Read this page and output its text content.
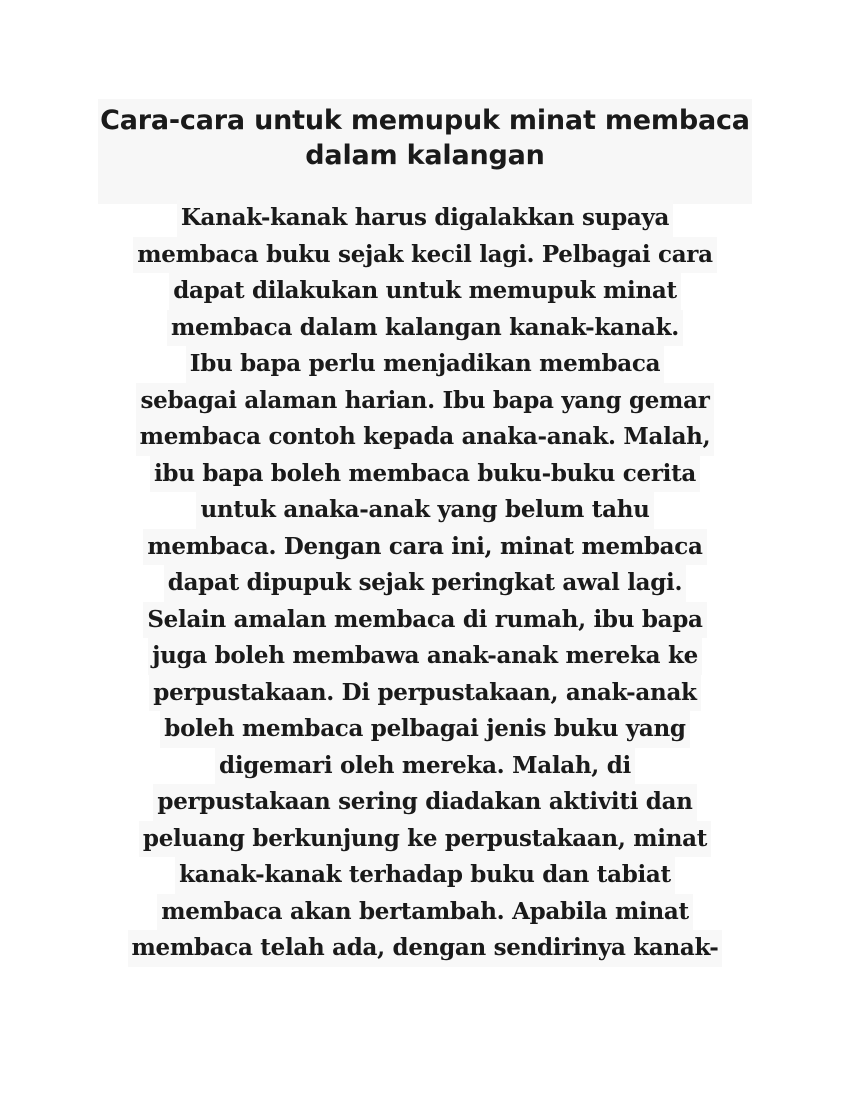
Cara-cara untuk memupuk minat membaca
dalam kalangan
Kanak-kanak harus digalakkan supaya
membaca buku sejak kecil lagi. Pelbagai cara
dapat dilakukan untuk memupuk minat
membaca dalam kalangan kanak-kanak.
Ibu bapa perlu menjadikan membaca
sebagai alaman harian. Ibu bapa yang gemar
membaca contoh kepada anaka-anak. Malah,
ibu bapa boleh membaca buku-buku cerita
untuk anaka-anak yang belum tahu
membaca. Dengan cara ini, minat membaca
dapat dipupuk sejak peringkat awal lagi.
Selain amalan membaca di rumah, ibu bapa
juga boleh membawa anak-anak mereka ke
perpustakaan. Di perpustakaan, anak-anak
boleh membaca pelbagai jenis buku yang
digemari oleh mereka. Malah, di
perpustakaan sering diadakan aktiviti dan
peluang berkunjung ke perpustakaan, minat
kanak-kanak terhadap buku dan tabiat
membaca akan bertambah. Apabila minat
membaca telah ada, dengan sendirinya kanak-
